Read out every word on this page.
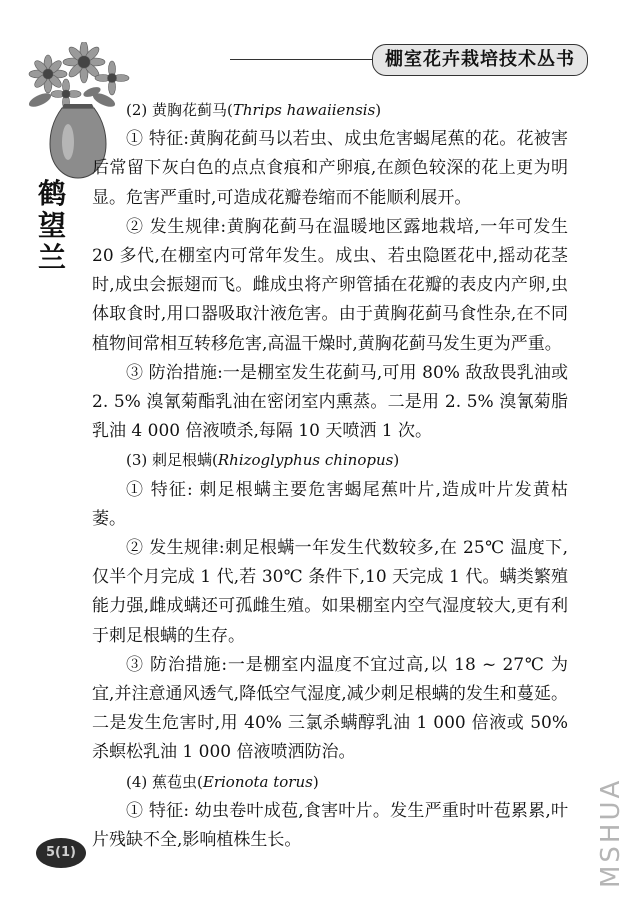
棚室花卉栽培技术丛书
鹤
望
兰

(2) 黄胸花蓟马(Thrips hawaiiensis)

① 特征:黄胸花蓟马以若虫、成虫危害蝎尾蕉的花。花被害后常留下灰白色的点点食痕和产卵痕,在颜色较深的花上更为明显。危害严重时,可造成花瓣卷缩而不能顺利展开。

② 发生规律:黄胸花蓟马在温暖地区露地栽培,一年可发生 20 多代,在棚室内可常年发生。成虫、若虫隐匿花中,摇动花茎时,成虫会振翅而飞。雌成虫将产卵管插在花瓣的表皮内产卵,虫体取食时,用口器吸取汁液危害。由于黄胸花蓟马食性杂,在不同植物间常相互转移危害,高温干燥时,黄胸花蓟马发生更为严重。

③ 防治措施:一是棚室发生花蓟马,可用 80% 敌敌畏乳油或 2. 5% 溴氰菊酯乳油在密闭室内熏蒸。二是用 2. 5% 溴氰菊脂乳油 4 000 倍液喷杀,每隔 10 天喷洒 1 次。

(3) 刺足根螨(Rhizoglyphus chinopus)

① 特征: 刺足根螨主要危害蝎尾蕉叶片,造成叶片发黄枯萎。

② 发生规律:刺足根螨一年发生代数较多,在 25℃ 温度下,仅半个月完成 1 代,若 30℃ 条件下,10 天完成 1 代。螨类繁殖能力强,雌成螨还可孤雌生殖。如果棚室内空气湿度较大,更有利于刺足根螨的生存。

③ 防治措施:一是棚室内温度不宜过高,以 18 ~ 27℃ 为宜,并注意通风透气,降低空气湿度,减少刺足根螨的发生和蔓延。二是发生危害时,用 40% 三氯杀螨醇乳油 1 000 倍液或 50% 杀螟松乳油 1 000 倍液喷洒防治。

(4) 蕉苞虫(Erionota torus)

① 特征: 幼虫卷叶成苞,食害叶片。发生严重时叶苞累累,叶片残缺不全,影响植株生长。

5(1)	MSHUA
